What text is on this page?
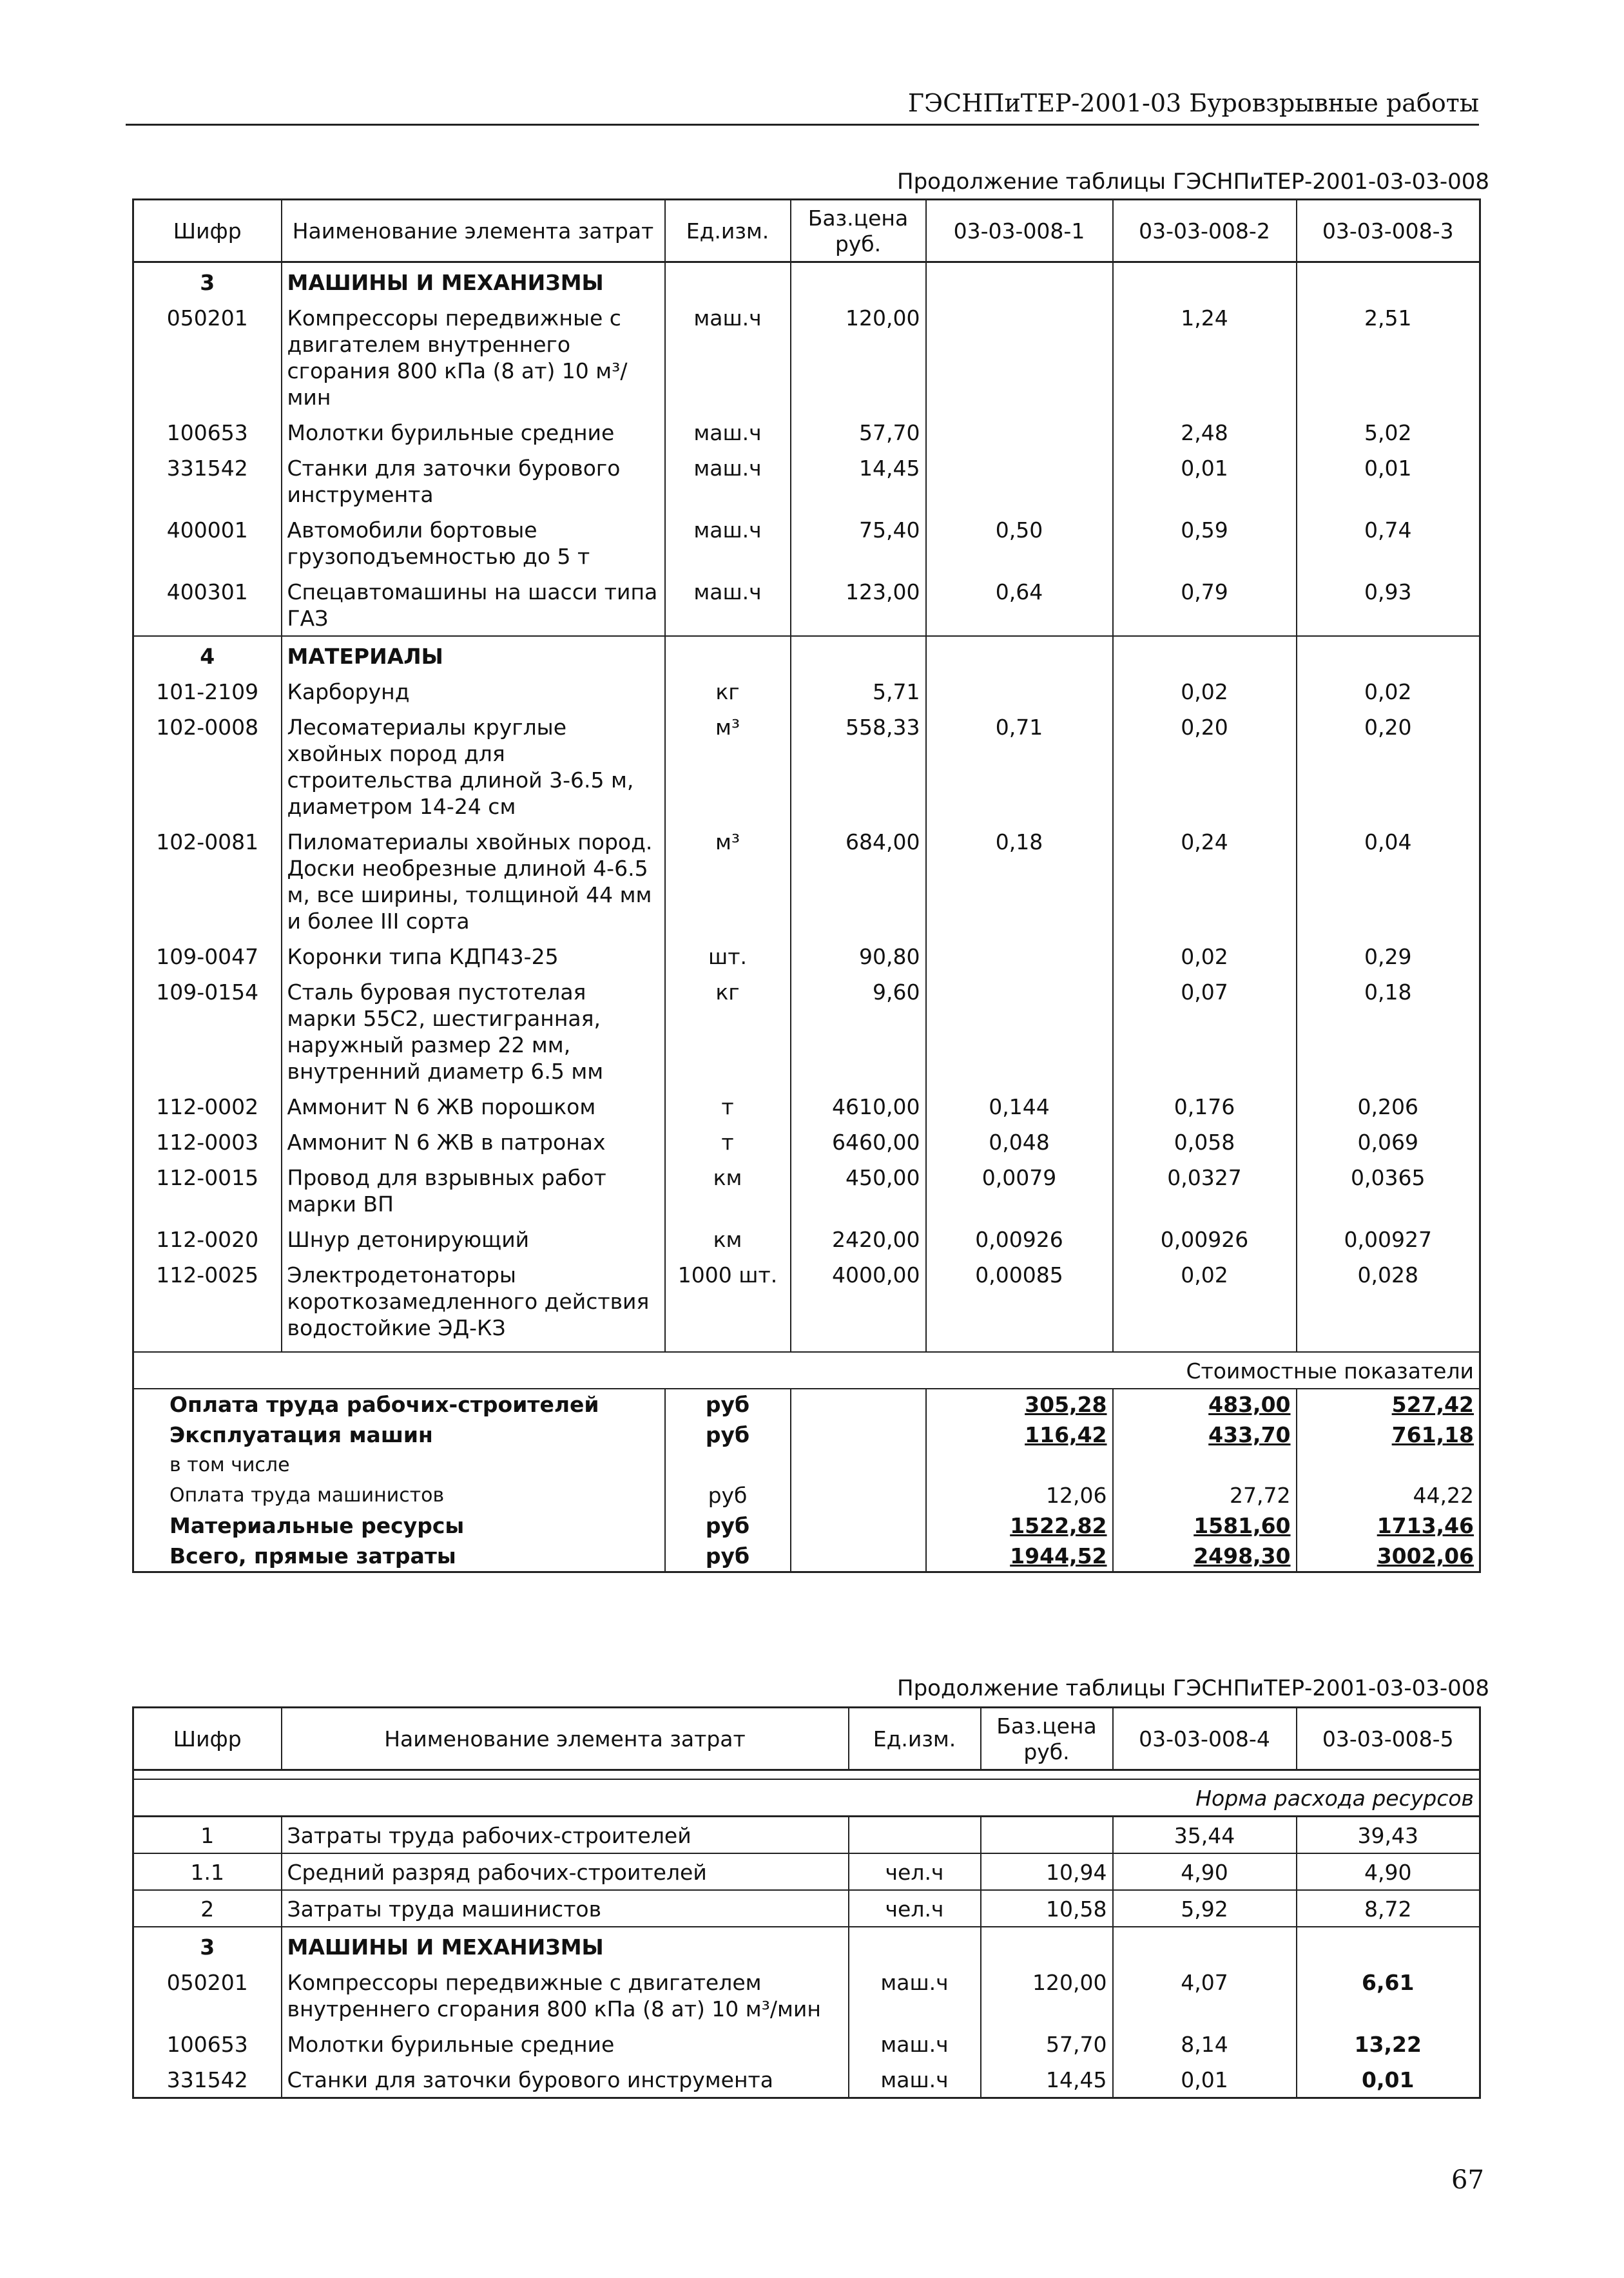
ГЭСНПиТЕР-2001-03 Буровзрывные работы
Продолжение таблицы ГЭСНПиТЕР-2001-03-03-008
Шифр	Наименование элемента затрат	Ед.изм.	Баз.цена руб.	03-03-008-1	03-03-008-2	03-03-008-3
3	МАШИНЫ И МЕХАНИЗМЫ					
050201	Компрессоры передвижные с двигателем внутреннего сгорания 800 кПа (8 ат) 10 м³/мин	маш.ч	120,00		1,24	2,51
100653	Молотки бурильные средние	маш.ч	57,70		2,48	5,02
331542	Станки для заточки бурового инструмента	маш.ч	14,45		0,01	0,01
400001	Автомобили бортовые грузоподъемностью до 5 т	маш.ч	75,40	0,50	0,59	0,74
400301	Спецавтомашины на шасси типа ГАЗ	маш.ч	123,00	0,64	0,79	0,93
4	МАТЕРИАЛЫ					
101-2109	Карборунд	кг	5,71		0,02	0,02
102-0008	Лесоматериалы круглые хвойных пород для строительства длиной 3-6.5 м, диаметром 14-24 см	м³	558,33	0,71	0,20	0,20
102-0081	Пиломатериалы хвойных пород. Доски необрезные длиной 4-6.5 м, все ширины, толщиной 44 мм и более III сорта	м³	684,00	0,18	0,24	0,04
109-0047	Коронки типа КДП43-25	шт.	90,80		0,02	0,29
109-0154	Сталь буровая пустотелая марки 55С2, шестигранная, наружный размер 22 мм, внутренний диаметр 6.5 мм	кг	9,60		0,07	0,18
112-0002	Аммонит N 6 ЖВ порошком	т	4610,00	0,144	0,176	0,206
112-0003	Аммонит N 6 ЖВ в патронах	т	6460,00	0,048	0,058	0,069
112-0015	Провод для взрывных работ марки ВП	км	450,00	0,0079	0,0327	0,0365
112-0020	Шнур детонирующий	км	2420,00	0,00926	0,00926	0,00927
112-0025	Электродетонаторы короткозамедленного действия водостойкие ЭД-КЗ	1000 шт.	4000,00	0,00085	0,02	0,028

Стоимостные показатели						
Оплата труда рабочих-строителей		руб		305,28	483,00	527,42
Эксплуатация машин		руб		116,42	433,70	761,18
в том числе						
Оплата труда машинистов		руб		12,06	27,72	44,22
Материальные ресурсы		руб		1522,82	1581,60	1713,46
Всего, прямые затраты		руб		1944,52	2498,30	3002,06
Продолжение таблицы ГЭСНПиТЕР-2001-03-03-008
Шифр	Наименование элемента затрат	Ед.изм.	Баз.цена руб.	03-03-008-4	03-03-008-5

Норма расхода ресурсов					
1	Затраты труда рабочих-строителей			35,44	39,43
1.1	Средний разряд рабочих-строителей	чел.ч	10,94	4,90	4,90
2	Затраты труда машинистов	чел.ч	10,58	5,92	8,72
3	МАШИНЫ И МЕХАНИЗМЫ				
050201	Компрессоры передвижные с двигателем внутреннего сгорания 800 кПа (8 ат) 10 м³/мин	маш.ч	120,00	4,07	6,61
100653	Молотки бурильные средние	маш.ч	57,70	8,14	13,22
331542	Станки для заточки бурового инструмента	маш.ч	14,45	0,01	0,01
67
